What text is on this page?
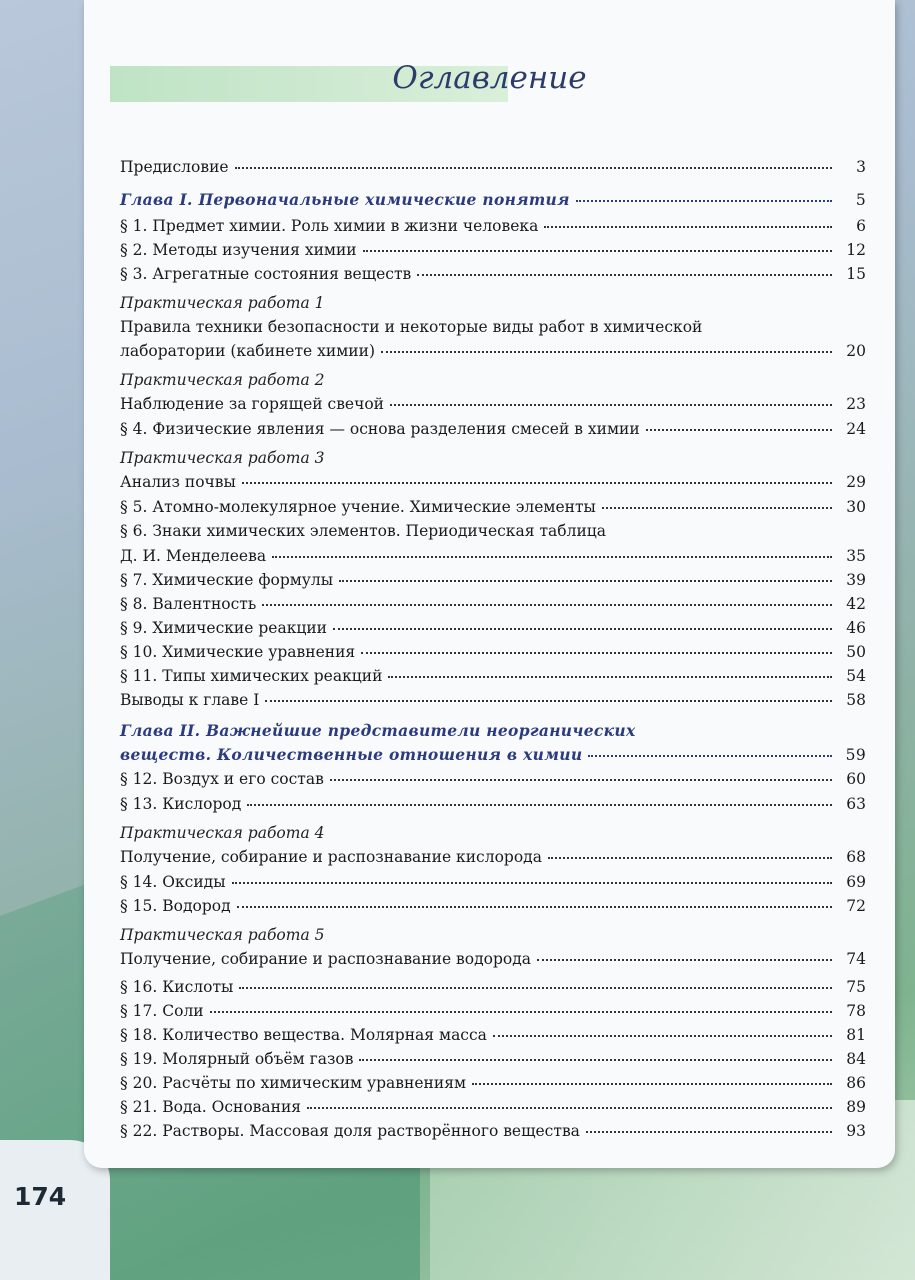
174
Оглавление
Предисловие	3
Глава I. Первоначальные химические понятия	5
§ 1. Предмет химии. Роль химии в жизни человека	6
§ 2. Методы изучения химии	12
§ 3. Агрегатные состояния веществ	15
Практическая работа 1
Правила техники безопасности и некоторые виды работ в химической
лаборатории (кабинете химии)	20
Практическая работа 2
Наблюдение за горящей свечой	23
§ 4. Физические явления — основа разделения смесей в химии	24
Практическая работа 3
Анализ почвы	29
§ 5. Атомно-молекулярное учение. Химические элементы	30
§ 6. Знаки химических элементов. Периодическая таблица
Д. И. Менделеева	35
§ 7. Химические формулы	39
§ 8. Валентность	42
§ 9. Химические реакции	46
§ 10. Химические уравнения	50
§ 11. Типы химических реакций	54
Выводы к главе I	58
Глава II. Важнейшие представители неорганических
веществ. Количественные отношения в химии	59
§ 12. Воздух и его состав	60
§ 13. Кислород	63
Практическая работа 4
Получение, собирание и распознавание кислорода	68
§ 14. Оксиды	69
§ 15. Водород	72
Практическая работа 5
Получение, собирание и распознавание водорода	74
§ 16. Кислоты	75
§ 17. Соли	78
§ 18. Количество вещества. Молярная масса	81
§ 19. Молярный объём газов	84
§ 20. Расчёты по химическим уравнениям	86
§ 21. Вода. Основания	89
§ 22. Растворы. Массовая доля растворённого вещества	93
